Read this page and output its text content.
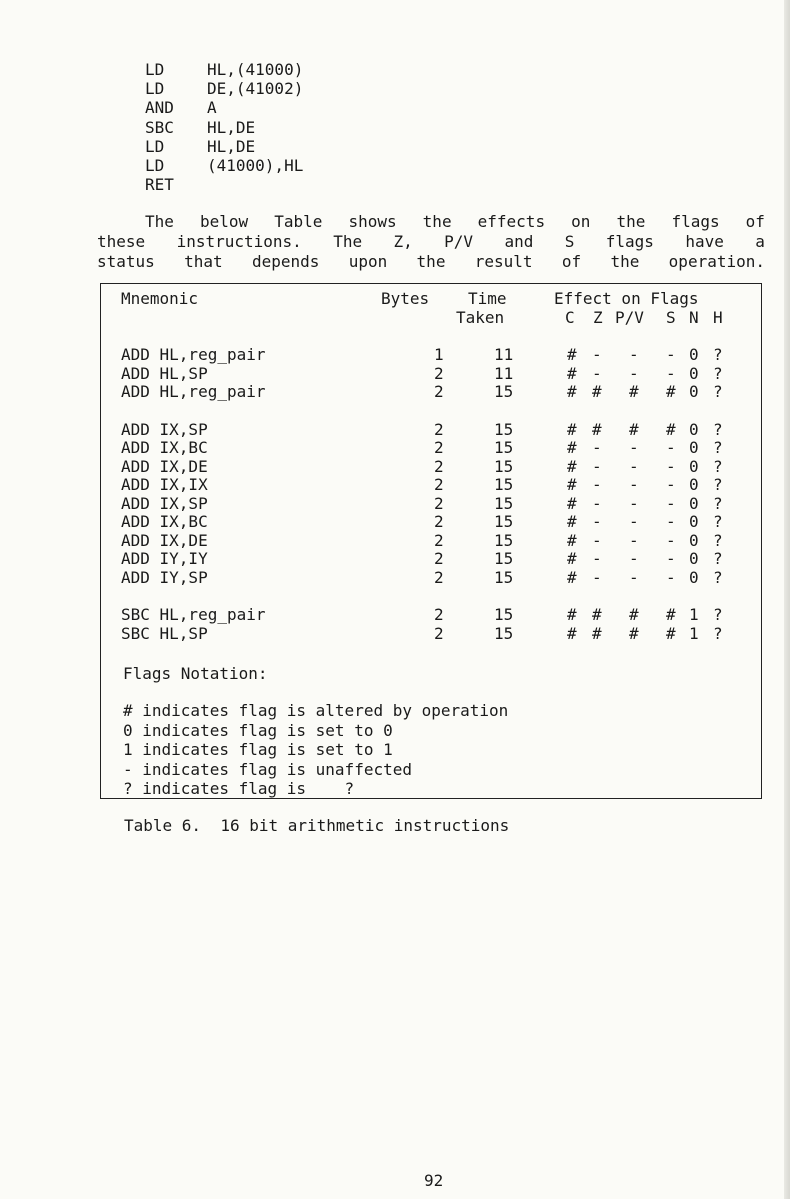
LD	HL,(41000)
LD	DE,(41002)
AND A
SBC HL,DE
LD	HL,DE
LD	(41000),HL
RET
The below Table shows the effects on the flags of
these instructions. The Z, P/V and S flags have a
status that depends upon the result of the operation.
Mnemonic	Bytes Time
Taken
Effect on Flags
C Z P/V S N H
ADD HL,reg_pair	1	11	# - - - 0 ?
ADD HL,SP	2	11	# - - - 0 ?
ADD HL,reg_pair	2	15	# # # # 0 ?
ADD IX,SP	2	15	# # # # 0 ?
ADD IX,BC	2	15	# - - - 0 ?
ADD IX,DE	2	15	# - - - 0 ?
ADD IX,IX	2	15	# - - - 0 ?
ADD IX,SP	2	15	# - - - 0 ?
ADD IX,BC	2	15	# - - - 0 ?
ADD IX,DE	2	15	# - - - 0 ?
ADD IY,IY	2	15	# - - - 0 ?
ADD IY,SP	2	15	# - - - 0 ?
SBC HL,reg_pair	2	15	# # # # 1 ?
SBC HL,SP	2	15	# # # # 1 ?
Flags Notation:
# indicates flag is altered by operation
0 indicates flag is set to 0
1 indicates flag is set to 1
- indicates flag is unaffected
? indicates flag is    ?
Table 6.  16 bit arithmetic instructions
92
